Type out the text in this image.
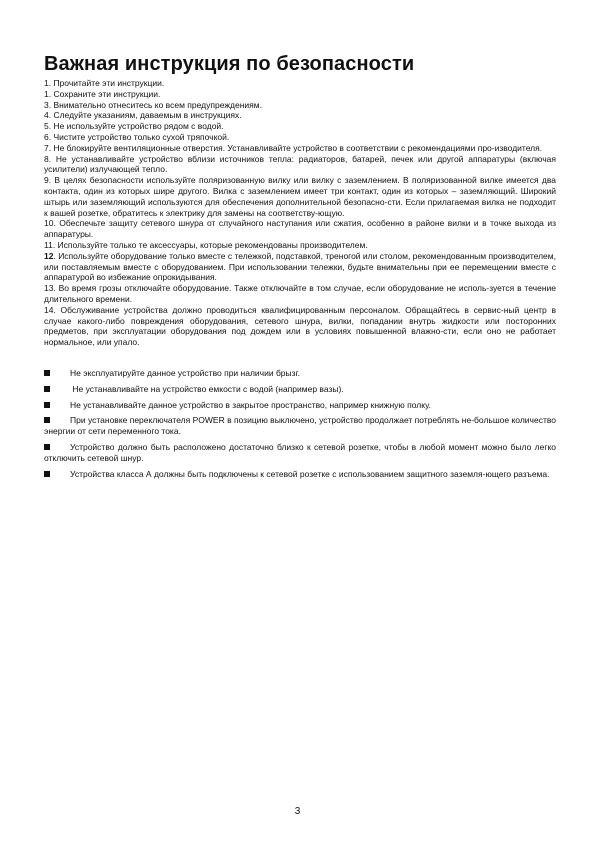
Важная инструкция по безопасности

1. Прочитайте эти инструкции.

1. Сохраните эти инструкции.

3. Внимательно отнеситесь ко всем предупреждениям.

4. Следуйте указаниям, даваемым в инструкциях.

5. Не используйте устройство рядом с водой.

6. Чистите устройство только сухой тряпочкой.

7. Не блокируйте вентиляционные отверстия. Устанавливайте устройство в соответствии с рекомендациями про-изводителя.

8. Не устанавливайте устройство вблизи источников тепла: радиаторов, батарей, печек или другой аппаратуры (включая усилители) излучающей тепло.

9. В целях безопасности используйте поляризованную вилку или вилку с заземлением. В поляризованной вилке имеется два контакта, один из которых шире другого. Вилка с заземлением имеет три контакт, один из которых – заземляющий. Широкий штырь или заземляющий используются для обеспечения дополнительной безопасно-сти. Если прилагаемая вилка не подходит к вашей розетке, обратитесь к электрику для замены на соответству-ющую.

10. Обеспечьте защиту сетевого шнура от случайного наступания или сжатия, особенно в районе вилки и в точке выхода из аппаратуры.

11. Используйте только те аксессуары, которые рекомендованы производителем.

12. Используйте оборудование только вместе с тележкой, подставкой, треногой или столом, рекомендованным производителем, или поставляемым вместе с оборудованием. При использовании тележки, будьте внимательны при ее перемещении вместе с аппаратурой во избежание опрокидывания.

13. Во время грозы отключайте оборудование. Также отключайте в том случае, если оборудование не исполь-зуется в течение длительного времени.

14. Обслуживание устройства должно проводиться квалифицированным персоналом. Обращайтесь в сервис-ный центр в случае какого-либо повреждения оборудования, сетевого шнура, вилки, попадании внутрь жидкости или посторонних предметов, при эксплуатации оборудования под дождем или в условиях повышенной влажно-сти, если оно не работает нормальное, или упало.

Не эксплуатируйте данное устройство при наличии брызг.

Не устанавливайте на устройство емкости с водой (например вазы).

Не устанавливайте данное устройство в закрытое пространство, например книжную полку.

При установке переключателя POWER в позицию выключено, устройство продолжает потреблять не-большое количество энергии от сети переменного тока.

Устройство должно быть расположено достаточно близко к сетевой розетке, чтобы в любой момент можно было легко отключить сетевой шнур.

Устройства класса А должны быть подключены к сетевой розетке с использованием защитного заземля-ющего разъема.

3
